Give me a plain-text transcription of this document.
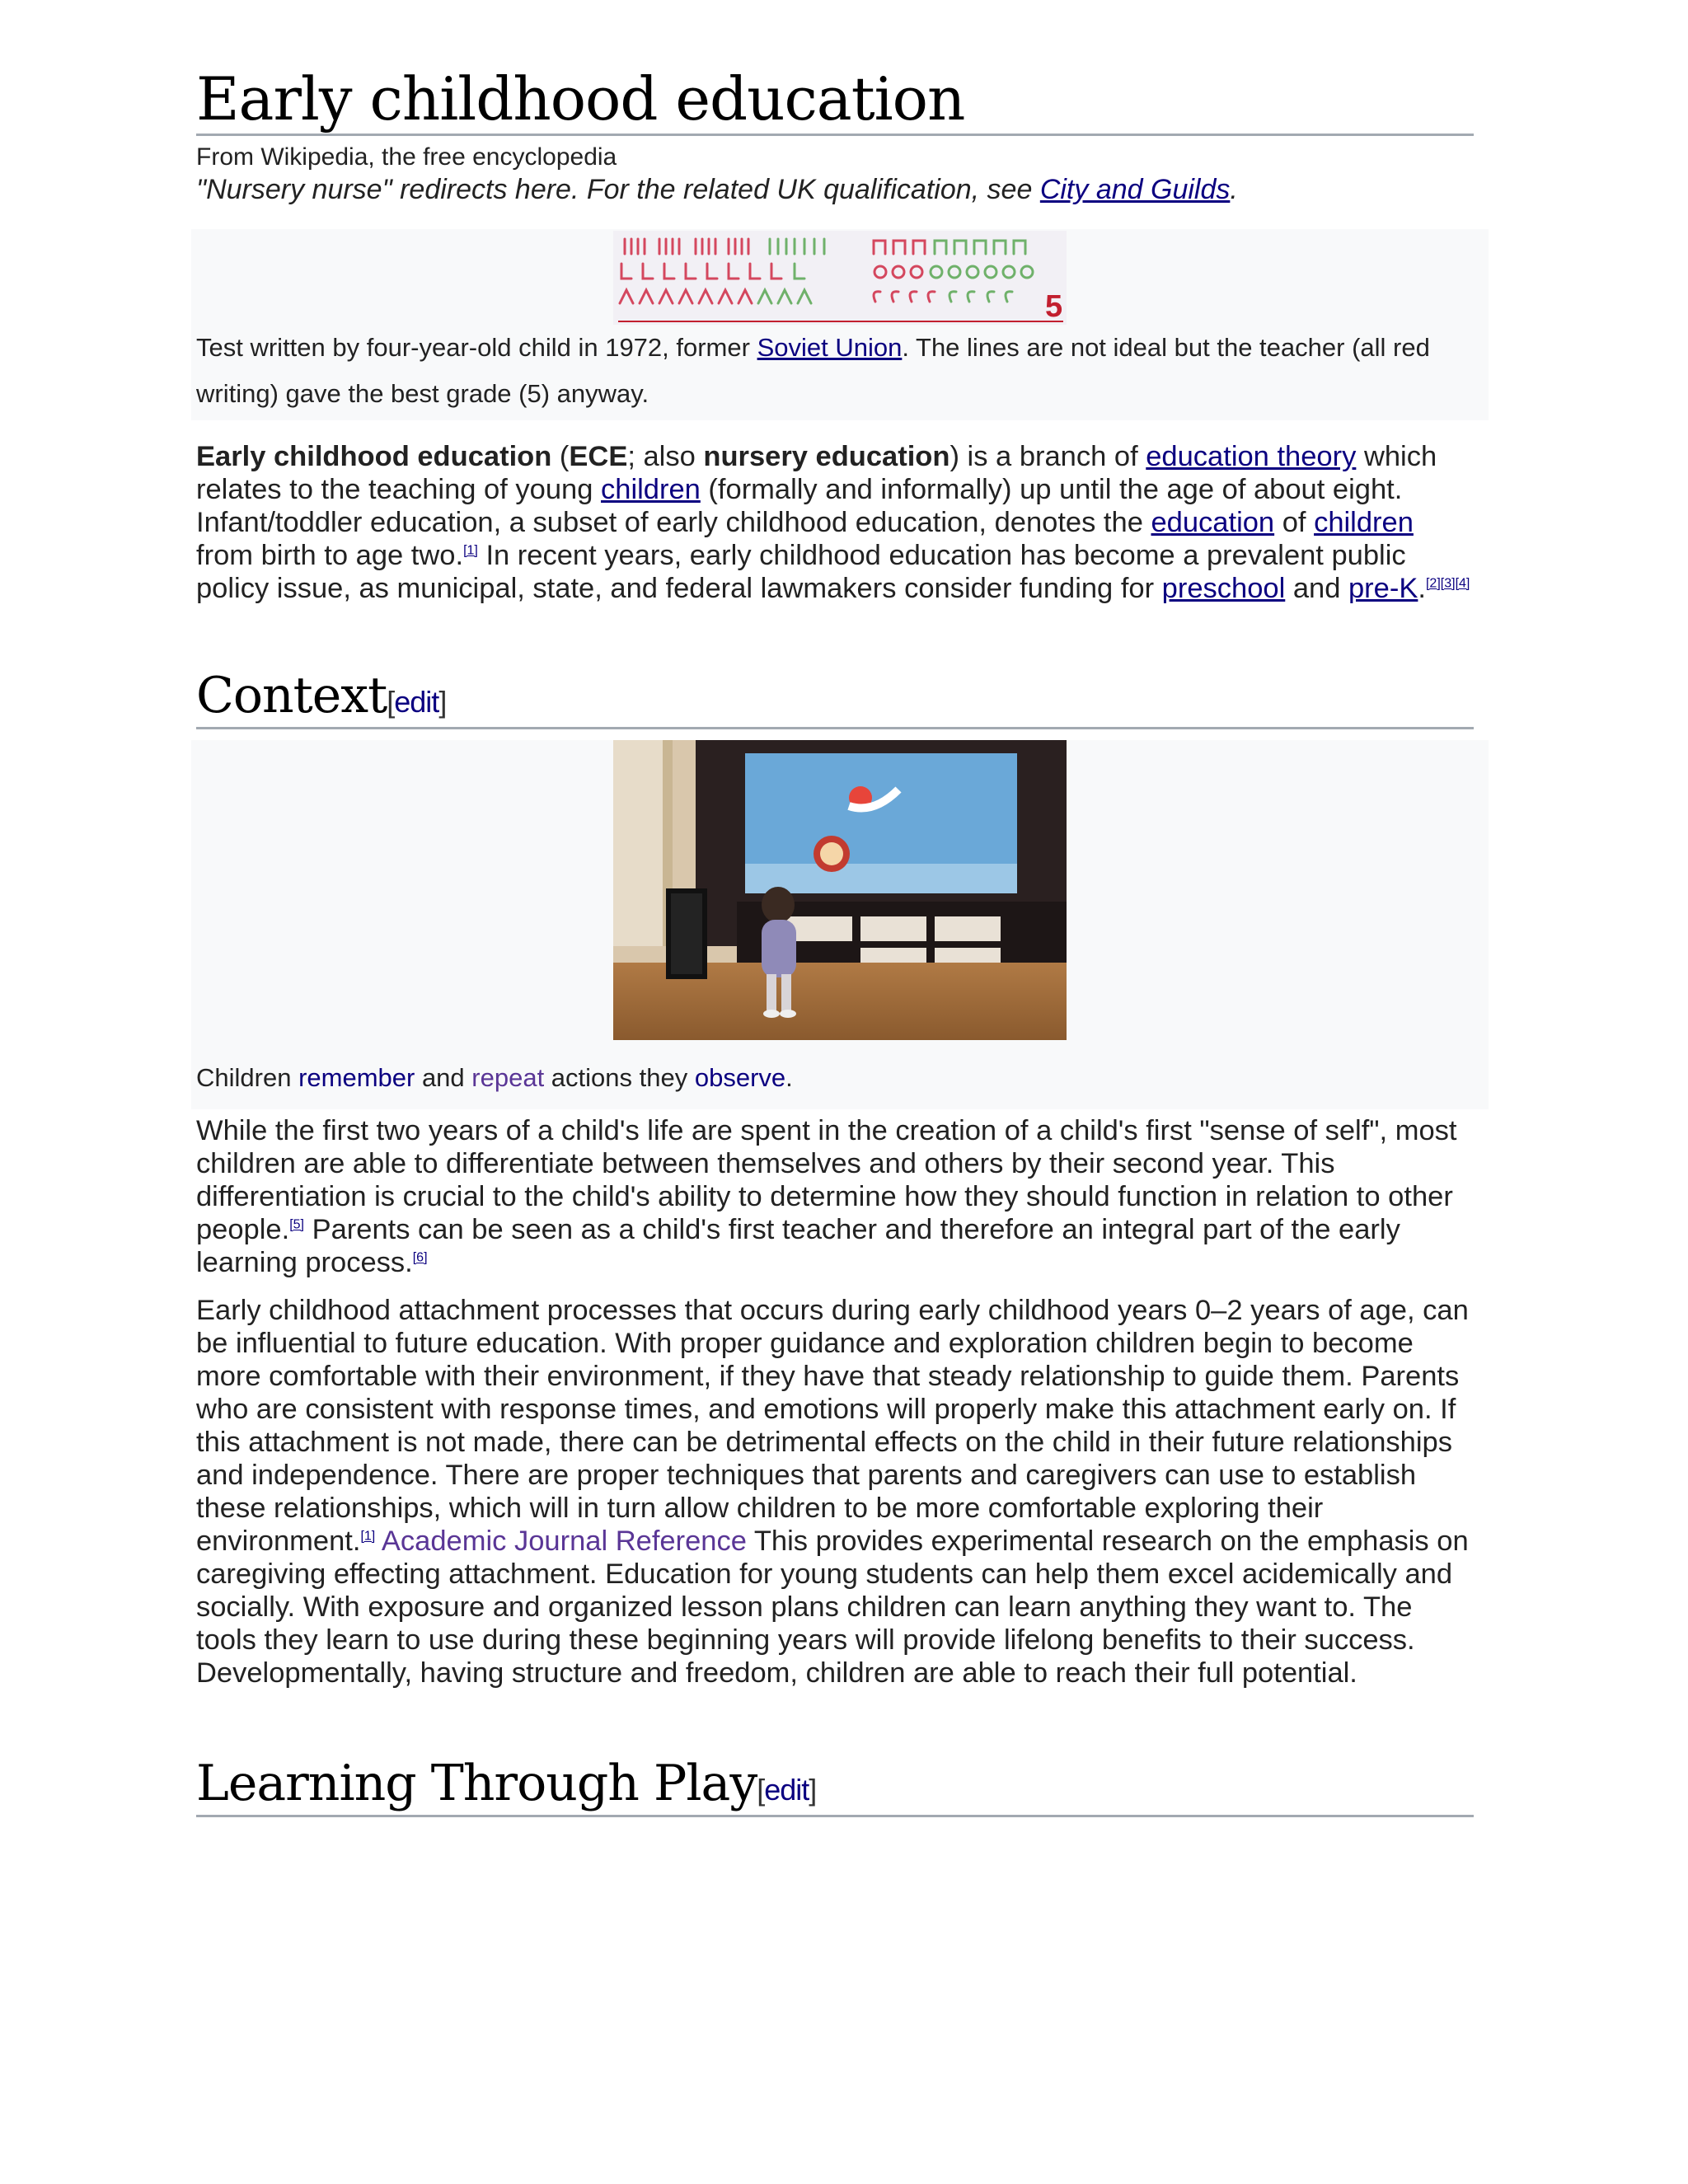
Early childhood education
From Wikipedia, the free encyclopedia
"Nursery nurse" redirects here. For the related UK qualification, see City and Guilds.
5
Test written by four-year-old child in 1972, former Soviet Union. The lines are not ideal but the teacher (all red writing) gave the best grade (5) anyway.

Early childhood education (ECE; also nursery education) is a branch of education theory which relates to the teaching of young children (formally and informally) up until the age of about eight. Infant/toddler education, a subset of early childhood education, denotes the education of children from birth to age two.[1] In recent years, early childhood education has become a prevalent public policy issue, as municipal, state, and federal lawmakers consider funding for preschool and pre-K.[2][3][4]

Context[edit]
Children remember and repeat actions they observe.

While the first two years of a child's life are spent in the creation of a child's first "sense of self", most children are able to differentiate between themselves and others by their second year. This differentiation is crucial to the child's ability to determine how they should function in relation to other people.[5] Parents can be seen as a child's first teacher and therefore an integral part of the early learning process.[6]

Early childhood attachment processes that occurs during early childhood years 0–2 years of age, can be influential to future education. With proper guidance and exploration children begin to become more comfortable with their environment, if they have that steady relationship to guide them. Parents who are consistent with response times, and emotions will properly make this attachment early on. If this attachment is not made, there can be detrimental effects on the child in their future relationships and independence. There are proper techniques that parents and caregivers can use to establish these relationships, which will in turn allow children to be more comfortable exploring their environment.[1] Academic Journal Reference This provides experimental research on the emphasis on caregiving effecting attachment. Education for young students can help them excel acidemically and socially. With exposure and organized lesson plans children can learn anything they want to. The tools they learn to use during these beginning years will provide lifelong benefits to their success. Developmentally, having structure and freedom, children are able to reach their full potential.

Learning Through Play[edit]
